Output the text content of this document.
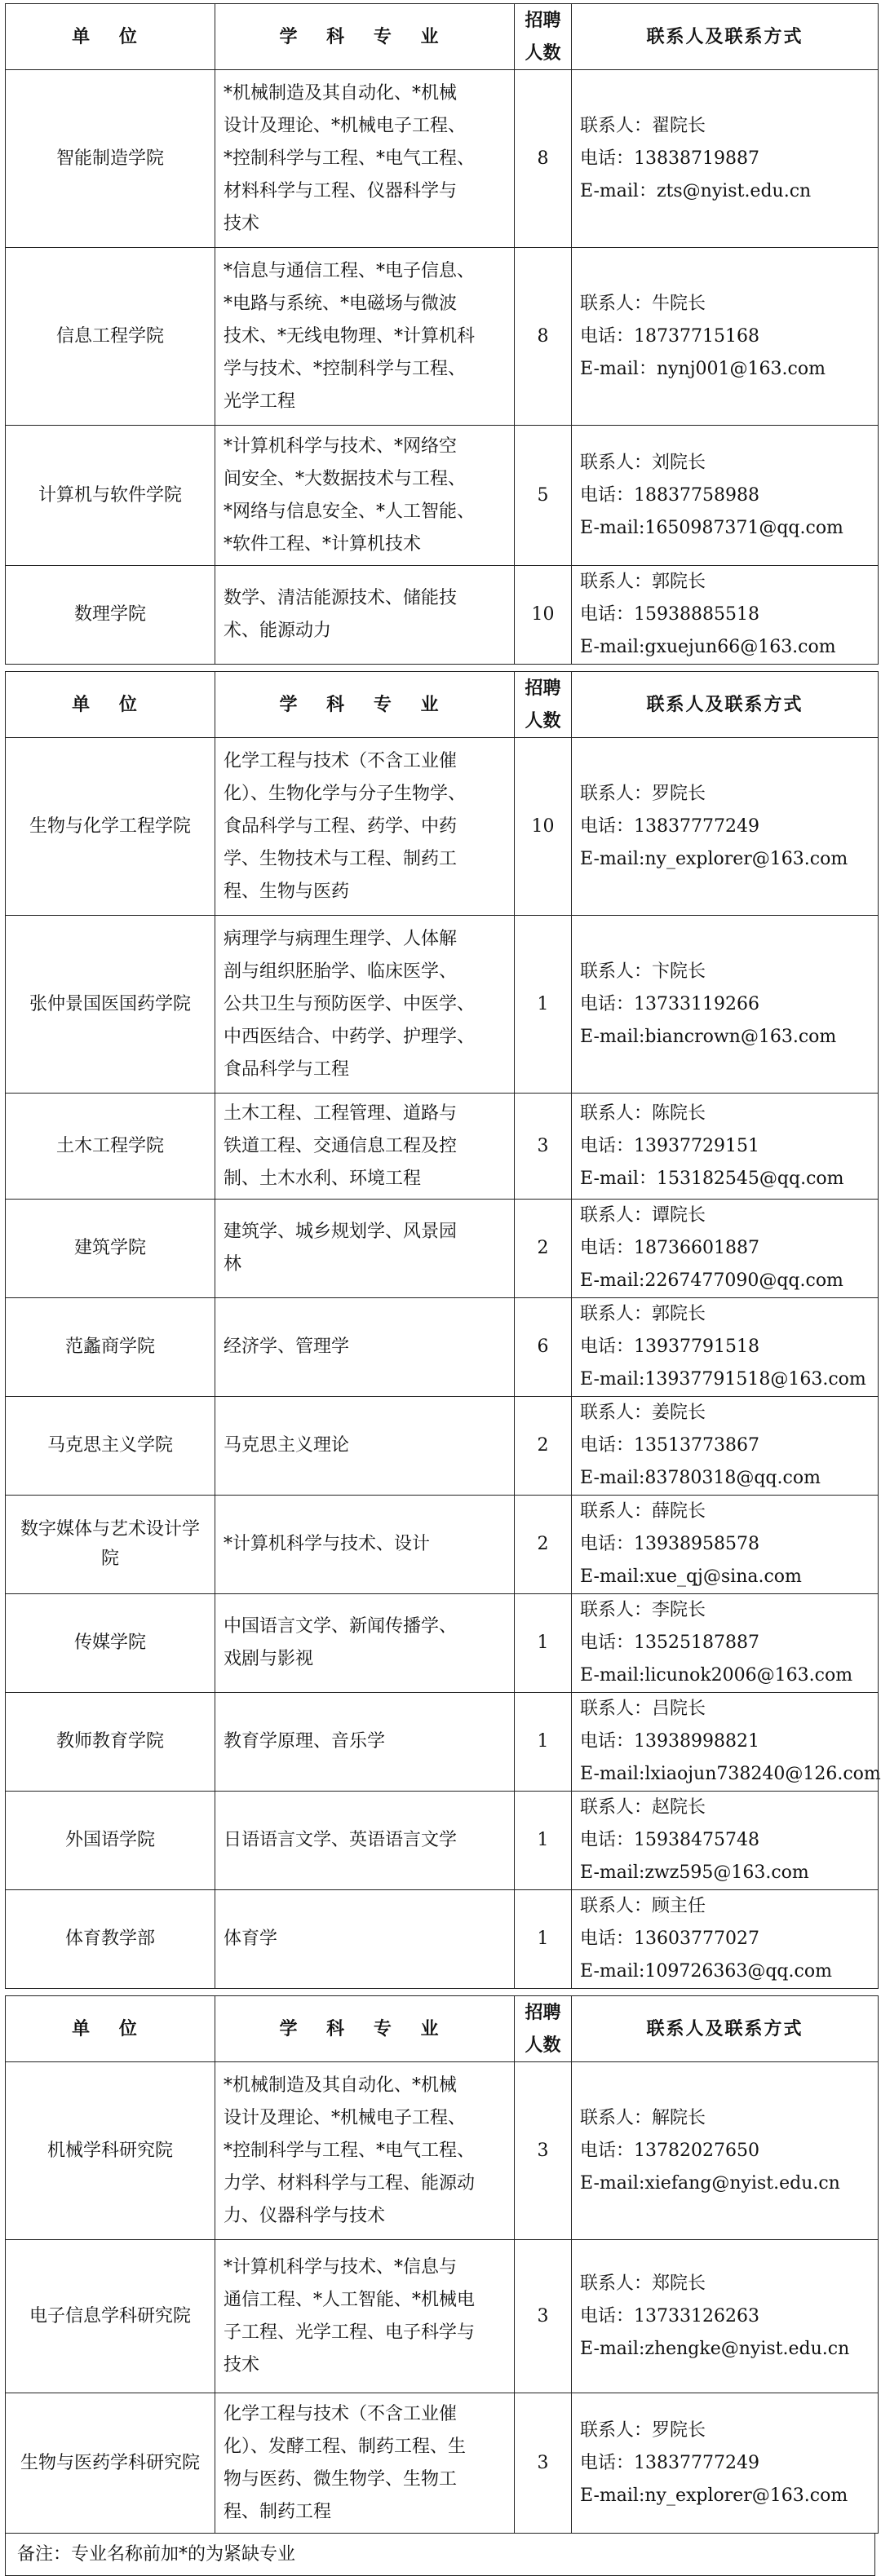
单 位	学 科 专 业	招聘
人数	联系人及联系方式
智能制造学院	*机械制造及其自动化、*机械
设计及理论、*机械电子工程、
*控制科学与工程、*电气工程、
材料科学与工程、仪器科学与
技术	8	联系人：翟院长
电话：13838719887
E-mail：zts@nyist.edu.cn

信息工程学院	*信息与通信工程、*电子信息、
*电路与系统、*电磁场与微波
技术、*无线电物理、*计算机科
学与技术、*控制科学与工程、
光学工程	8	联系人：牛院长
电话：18737715168
E-mail：nynj001@163.com

计算机与软件学院	*计算机科学与技术、*网络空
间安全、*大数据技术与工程、
*网络与信息安全、*人工智能、
*软件工程、*计算机技术	5	联系人：刘院长
电话：18837758988
E-mail:1650987371@qq.com

数理学院	数学、清洁能源技术、储能技
术、能源动力	10	联系人：郭院长
电话：15938885518
E-mail:gxuejun66@163.com
单 位	学 科 专 业	招聘
人数	联系人及联系方式
生物与化学工程学院	化学工程与技术（不含工业催
化）、生物化学与分子生物学、
食品科学与工程、药学、中药
学、生物技术与工程、制药工
程、生物与医药	10	联系人：罗院长
电话：13837777249
E-mail:ny_explorer@163.com

张仲景国医国药学院	病理学与病理生理学、人体解
剖与组织胚胎学、临床医学、
公共卫生与预防医学、中医学、
中西医结合、中药学、护理学、
食品科学与工程	1	联系人：卞院长
电话：13733119266
E-mail:biancrown@163.com

土木工程学院	土木工程、工程管理、道路与
铁道工程、交通信息工程及控
制、土木水利、环境工程	3	联系人：陈院长
电话：13937729151
E-mail：153182545@qq.com

建筑学院	建筑学、城乡规划学、风景园
林	2	联系人：谭院长
电话：18736601887
E-mail:2267477090@qq.com

范蠡商学院	经济学、管理学	6	联系人：郭院长
电话：13937791518
E-mail:13937791518@163.com

马克思主义学院	马克思主义理论	2	联系人：姜院长
电话：13513773867
E-mail:83780318@qq.com

数字媒体与艺术设计学
院	*计算机科学与技术、设计	2	联系人：薛院长
电话：13938958578
E-mail:xue_qj@sina.com

传媒学院	中国语言文学、新闻传播学、
戏剧与影视	1	联系人：李院长
电话：13525187887
E-mail:licunok2006@163.com

教师教育学院	教育学原理、音乐学	1	联系人：吕院长
电话：13938998821
E-mail:lxiaojun738240@126.com

外国语学院	日语语言文学、英语语言文学	1	联系人：赵院长
电话：15938475748
E-mail:zwz595@163.com

体育教学部	体育学	1	联系人：顾主任
电话：13603777027
E-mail:109726363@qq.com
单 位	学 科 专 业	招聘
人数	联系人及联系方式
机械学科研究院	*机械制造及其自动化、*机械
设计及理论、*机械电子工程、
*控制科学与工程、*电气工程、
力学、材料科学与工程、能源动
力、仪器科学与技术	3	联系人：解院长
电话：13782027650
E-mail:xiefang@nyist.edu.cn

电子信息学科研究院	*计算机科学与技术、*信息与
通信工程、*人工智能、*机械电
子工程、光学工程、电子科学与
技术	3	联系人：郑院长
电话：13733126263
E-mail:zhengke@nyist.edu.cn

生物与医药学科研究院	化学工程与技术（不含工业催
化）、发酵工程、制药工程、生
物与医药、微生物学、生物工
程、制药工程	3	联系人：罗院长
电话：13837777249
E-mail:ny_explorer@163.com
备注：专业名称前加*的为紧缺专业
